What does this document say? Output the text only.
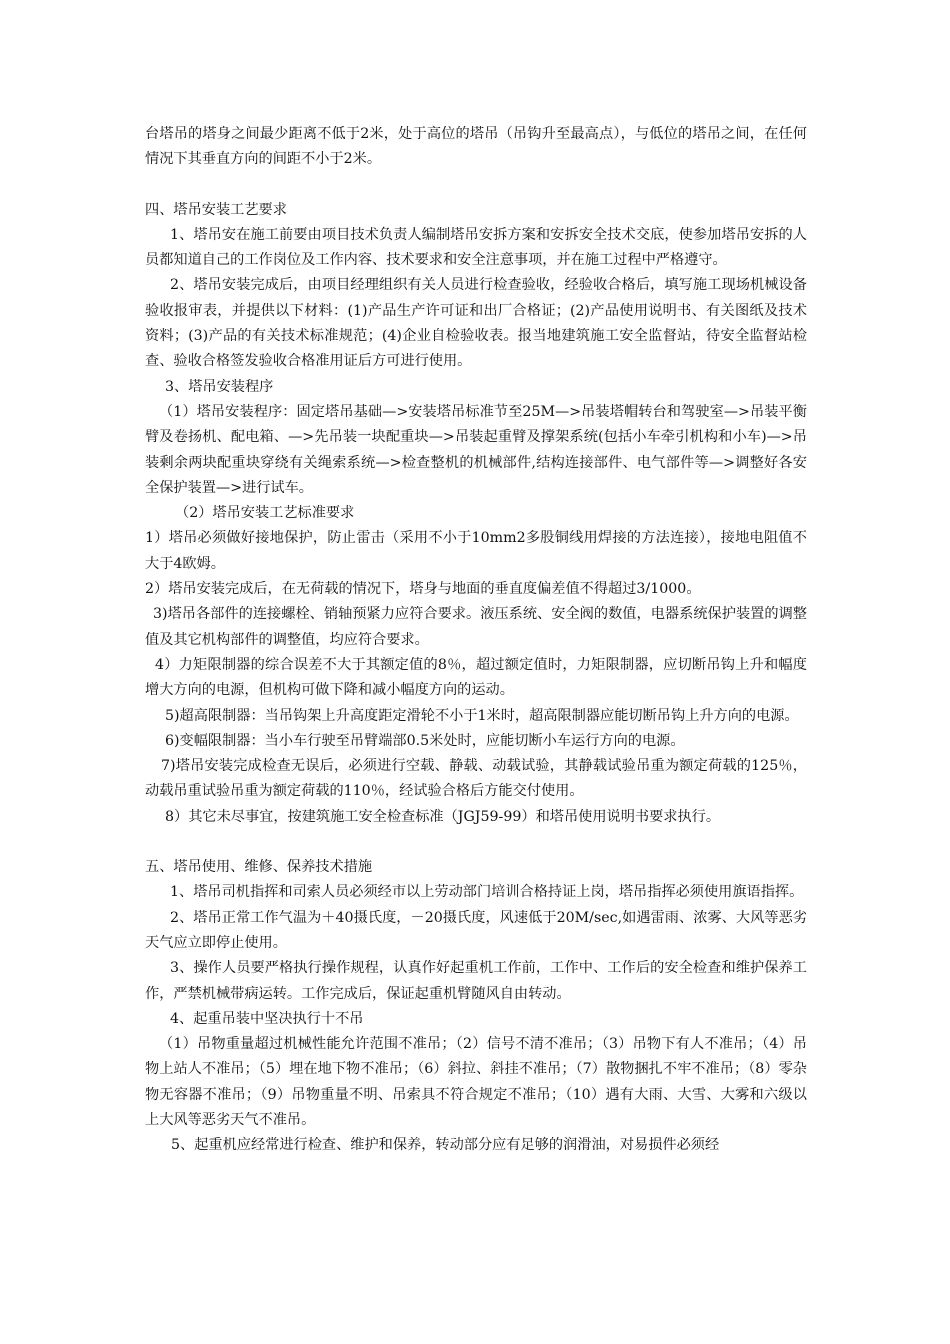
台塔吊的塔身之间最少距离不低于2米，处于高位的塔吊（吊钩升至最高点），与低位的塔吊之间，在任何情况下其垂直方向的间距不小于2米。

四、塔吊安装工艺要求

1、塔吊安在施工前要由项目技术负责人编制塔吊安拆方案和安拆安全技术交底，使参加塔吊安拆的人员都知道自己的工作岗位及工作内容、技术要求和安全注意事项，并在施工过程中严格遵守。

2、塔吊安装完成后，由项目经理组织有关人员进行检查验收，经验收合格后，填写施工现场机械设备验收报审表，并提供以下材料：(1)产品生产许可证和出厂合格证；(2)产品使用说明书、有关图纸及技术资料；(3)产品的有关技术标准规范；(4)企业自检验收表。报当地建筑施工安全监督站，待安全监督站检查、验收合格签发验收合格准用证后方可进行使用。

3、塔吊安装程序

（1）塔吊安装程序：固定塔吊基础—>安装塔吊标准节至25M—>吊装塔帽转台和驾驶室—>吊装平衡臂及卷扬机、配电箱、—>先吊装一块配重块—>吊装起重臂及撑架系统(包括小车牵引机构和小车)—>吊装剩余两块配重块穿绕有关绳索系统—>检查整机的机械部件,结构连接部件、电气部件等—>调整好各安全保护装置—>进行试车。

（2）塔吊安装工艺标准要求

1）塔吊必须做好接地保护，防止雷击（采用不小于10mm2多股铜线用焊接的方法连接），接地电阻值不大于4欧姆。

2）塔吊安装完成后，在无荷载的情况下，塔身与地面的垂直度偏差值不得超过3/1000。

3)塔吊各部件的连接螺栓、销轴预紧力应符合要求。液压系统、安全阀的数值，电器系统保护装置的调整值及其它机构部件的调整值，均应符合要求。

4）力矩限制器的综合误差不大于其额定值的8％，超过额定值时，力矩限制器，应切断吊钩上升和幅度增大方向的电源，但机构可做下降和减小幅度方向的运动。

5)超高限制器：当吊钩架上升高度距定滑轮不小于1米时，超高限制器应能切断吊钩上升方向的电源。

6)变幅限制器：当小车行驶至吊臂端部0.5米处时，应能切断小车运行方向的电源。

7)塔吊安装完成检查无误后，必须进行空载、静载、动载试验，其静载试验吊重为额定荷载的125％，动载吊重试验吊重为额定荷载的110％，经试验合格后方能交付使用。

8）其它未尽事宜，按建筑施工安全检查标准（JGJ59-99）和塔吊使用说明书要求执行。

五、塔吊使用、维修、保养技术措施

1、塔吊司机指挥和司索人员必须经市以上劳动部门培训合格持证上岗，塔吊指挥必须使用旗语指挥。

2、塔吊正常工作气温为＋40摄氏度，－20摄氏度，风速低于20M/sec,如遇雷雨、浓雾、大风等恶劣天气应立即停止使用。

3、操作人员要严格执行操作规程，认真作好起重机工作前，工作中、工作后的安全检查和维护保养工作，严禁机械带病运转。工作完成后，保证起重机臂随风自由转动。

4、起重吊装中坚决执行十不吊

（1）吊物重量超过机械性能允许范围不准吊；（2）信号不清不准吊；（3）吊物下有人不准吊；（4）吊物上站人不准吊；（5）埋在地下物不准吊；（6）斜拉、斜挂不准吊；（7）散物捆扎不牢不准吊；（8）零杂物无容器不准吊；（9）吊物重量不明、吊索具不符合规定不准吊；（10）遇有大雨、大雪、大雾和六级以上大风等恶劣天气不准吊。

5、起重机应经常进行检查、维护和保养，转动部分应有足够的润滑油，对易损件必须经
